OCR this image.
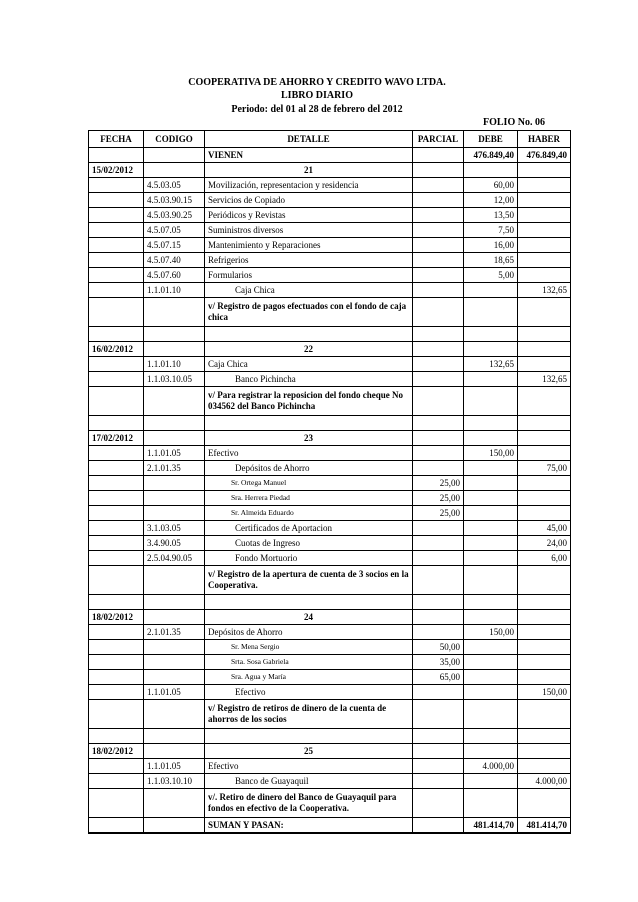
COOPERATIVA DE AHORRO Y CREDITO WAVO LTDA.
LIBRO DIARIO
Periodo: del 01 al 28 de febrero del 2012
FOLIO No. 06
FECHA	CODIGO	DETALLE	PARCIAL	DEBE	HABER
		VIENEN		476.849,40	476.849,40
15/02/2012		21			
	4.5.03.05	Movilización, representacion y residencia		60,00	
	4.5.03.90.15	Servicios de Copiado		12,00	
	4.5.03.90.25	Periódicos y Revistas		13,50	
	4.5.07.05	Suministros diversos		7,50	
	4.5.07.15	Mantenimiento y Reparaciones		16,00	
	4.5.07.40	Refrigerios		18,65	
	4.5.07.60	Formularios		5,00	
	1.1.01.10	Caja Chica			132,65
		v/ Registro de pagos efectuados con el fondo de caja chica			

16/02/2012		22			
	1.1.01.10	Caja Chica		132,65	
	1.1.03.10.05	Banco Pichincha			132,65
		v/ Para registrar la reposicion del fondo cheque No 034562 del Banco Pichincha			

17/02/2012		23			
	1.1.01.05	Efectivo		150,00	
	2.1.01.35	Depósitos de Ahorro			75,00
		Sr. Ortega Manuel	25,00		
		Sra. Herrera Piedad	25,00		
		Sr. Almeida Eduardo	25,00		
	3.1.03.05	Certificados de Aportacion			45,00
	3.4.90.05	Cuotas de Ingreso			24,00
	2.5.04.90.05	Fondo Mortuorio			6,00
		v/ Registro de la apertura de cuenta de 3 socios en la Cooperativa.			

18/02/2012		24			
	2.1.01.35	Depósitos de Ahorro		150,00	
		Sr. Mena Sergio	50,00		
		Srta. Sosa Gabriela	35,00		
		Sra. Agua y María	65,00		
	1.1.01.05	Efectivo			150,00
		v/ Registro de retiros de dinero de la cuenta de ahorros de los socios			

18/02/2012		25			
	1.1.01.05	Efectivo		4.000,00	
	1.1.03.10.10	Banco de Guayaquil			4.000,00
		v/. Retiro de dinero del Banco de Guayaquil para fondos en efectivo de la Cooperativa.			
		SUMAN Y PASAN:		481.414,70	481.414,70
